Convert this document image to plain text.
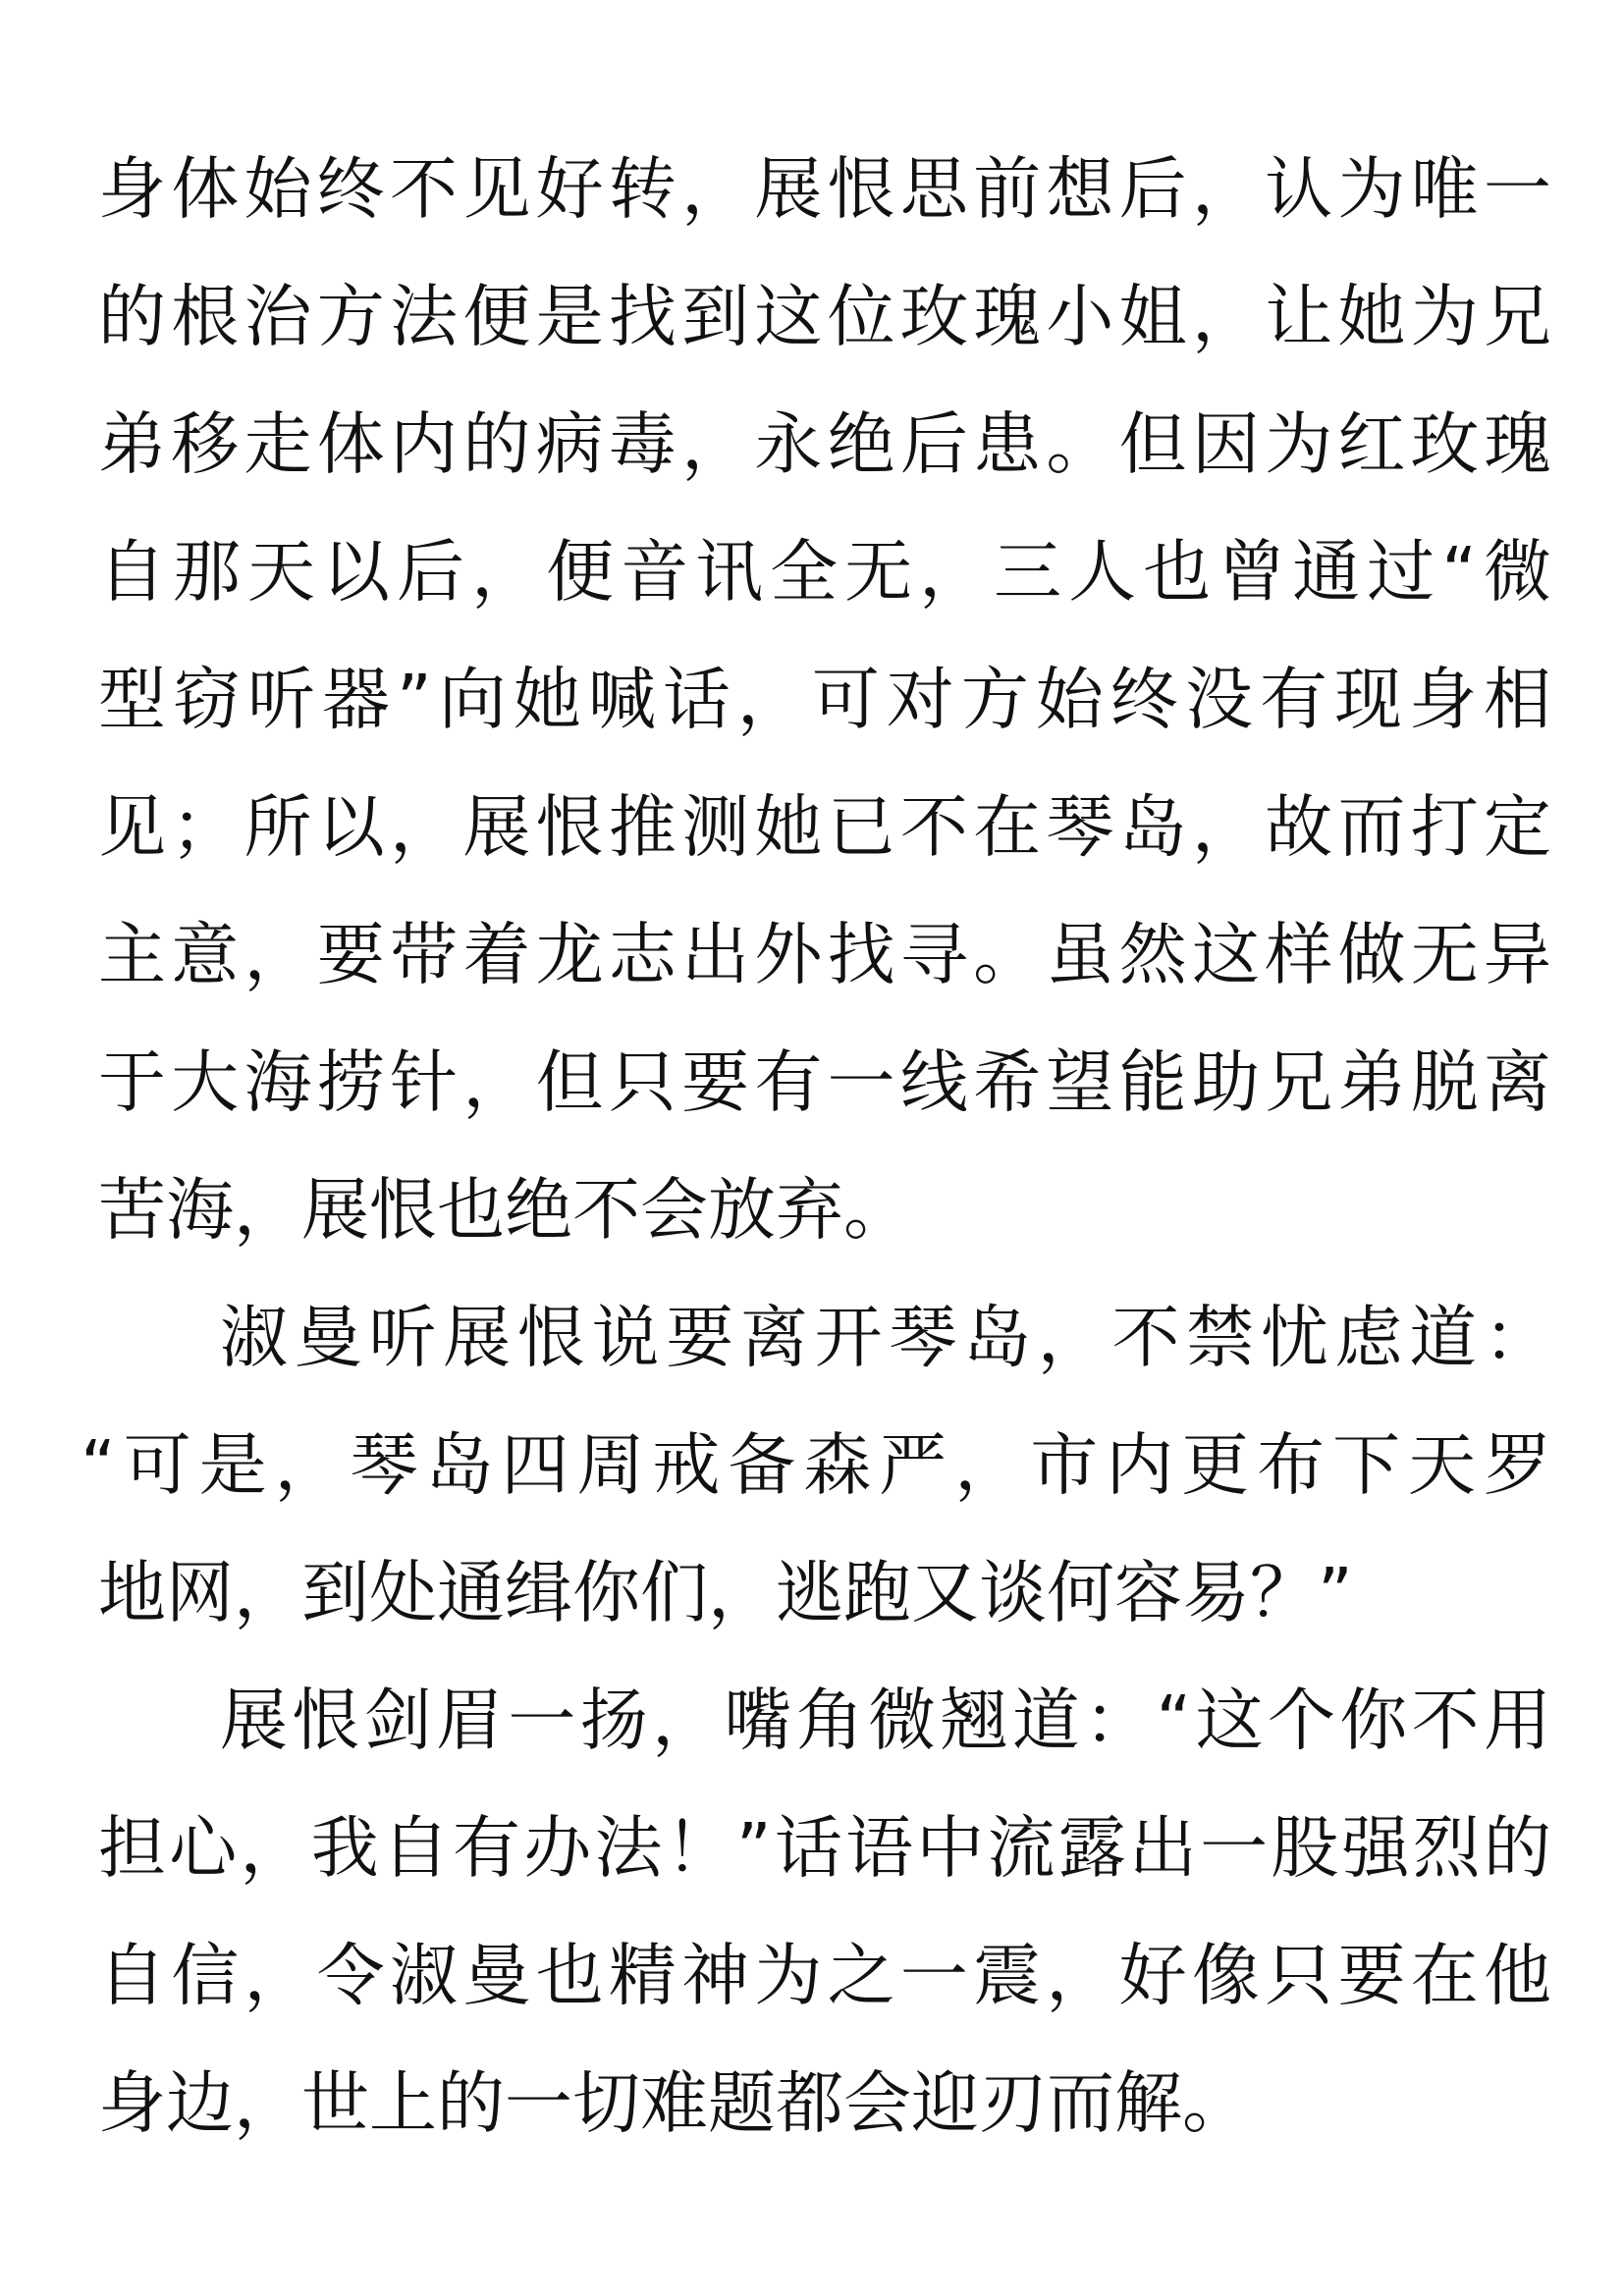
身体始终不见好转，展恨思前想后，认为唯一
的根治方法便是找到这位玫瑰小姐，让她为兄
弟移走体内的病毒，永绝后患。但因为红玫瑰
自那天以后，便音讯全无，三人也曾通过“微
型窃听器”向她喊话，可对方始终没有现身相
见；所以，展恨推测她已不在琴岛，故而打定
主意，要带着龙志出外找寻。虽然这样做无异
于大海捞针，但只要有一线希望能助兄弟脱离
苦海，展恨也绝不会放弃。
淑曼听展恨说要离开琴岛，不禁忧虑道：
“可是，琴岛四周戒备森严，市内更布下天罗
地网，到处通缉你们，逃跑又谈何容易？”
展恨剑眉一扬，嘴角微翘道：“这个你不用
担心，我自有办法！”话语中流露出一股强烈的
自信，令淑曼也精神为之一震，好像只要在他
身边，世上的一切难题都会迎刃而解。
